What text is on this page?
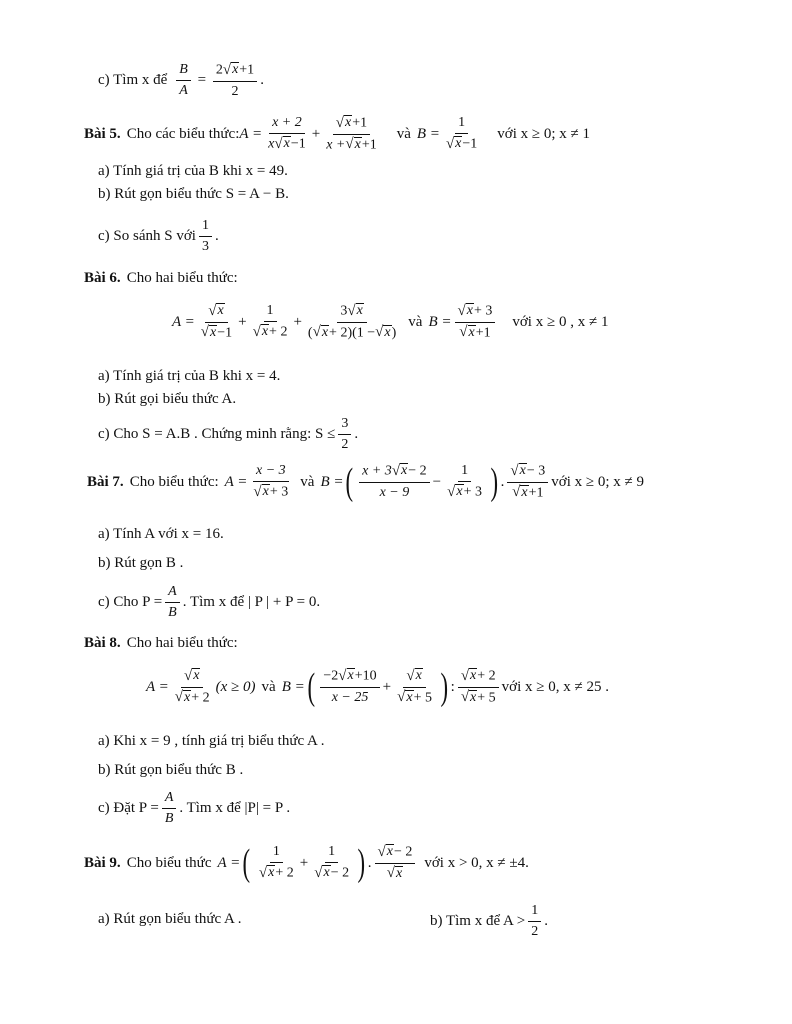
c) Tìm x để $\frac{B}{A} = \frac{2 √ x +1}{2}$ .
Bài 5. Cho các biểu thức: $A = \frac{x + 2}{x √ x -1} + \frac{√ x +1}{x + √ x +1}$ và $B = \frac{1}{√ x -1}$ với x ≥ 0; x ≠ 1
a) Tính giá trị của B khi x = 49.
b) Rút gọn biểu thức S = A − B.
c) So sánh S với $\frac{1}{3}$ .
Bài 6. Cho hai biểu thức:
$A = \frac{√ x}{√ x -1} + \frac{1}{√ x + 2} + \frac{3 √ x}{( √ x + 2)(1 - √ x )}$ và $B = \frac{√ x + 3}{√ x +1}$ với x ≥ 0 , x ≠ 1
a) Tính giá trị của B khi x = 4.
b) Rút gọi biểu thức A.
c) Cho S = A.B . Chứng minh rằng: $S \le \frac{3}{2}$ .
Bài 7. Cho biểu thức: $A = \frac{x - 3}{√ x + 3}$ và B = ( $\frac{x + 3 √ x - 2}{x - 9} - \frac{1}{√ x + 3}$ ) . $\frac{√ x - 3}{√ x +1}$ với x ≥ 0; x ≠ 9
a) Tính A với x = 16.
b) Rút gọn B .
c) Cho $P = \frac{A}{B}$ . Tìm x để | P | + P = 0.
Bài 8. Cho hai biểu thức:
$A = \frac{√ x}{√ x + 2} (x \ge 0)$ và B = ( $\frac{-2 √ x +10}{x - 25} + \frac{√ x}{√ x + 5}$ ) : $\frac{√ x + 2}{√ x + 5}$ với x ≥ 0, x ≠ 25 .
a) Khi x = 9 , tính giá trị biểu thức A .
b) Rút gọn biểu thức B .
c) Đặt $P = \frac{A}{B}$ . Tìm x để |P| = P .
Bài 9. Cho biểu thức A = ( $\frac{1}{√ x + 2} + \frac{1}{√ x - 2}$ ) . $\frac{√ x - 2}{√ x}$ với x > 0, x ≠ ±4.
a) Rút gọn biểu thức A .	b) Tìm x để $A > \frac{1}{2}$ .
